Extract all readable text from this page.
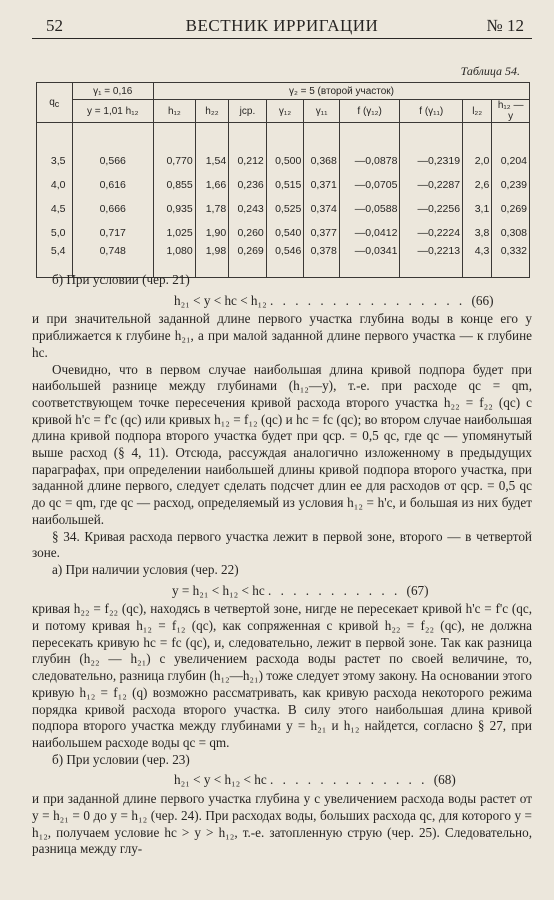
52	ВЕСТНИК ИРРИГАЦИИ	№ 12
Таблица 54.
$q_c$	γ₁ = 0,16	γ₂ = 5 (второй участок)								
	y = 1,01 h₁₂	h₁₂	h₂₂	jср.	γ₁₂	γ₁₁	f (γ₁₂)	f (γ₁₁)	l₂₂	h₁₂ — y
3,5	0,566	0,770	1,54	0,212	0,500	0,368	—0,0878	—0,2319	2,0	0,204
4,0	0,616	0,855	1,66	0,236	0,515	0,371	—0,0705	—0,2287	2,6	0,239
4,5	0,666	0,935	1,78	0,243	0,525	0,374	—0,0588	—0,2256	3,1	0,269
5,0	0,717	1,025	1,90	0,260	0,540	0,377	—0,0412	—0,2224	3,8	0,308
5,4	0,748	1,080	1,98	0,269	0,546	0,378	—0,0341	—0,2213	4,3	0,332

б) При условии (чер. 21)

h₂₁ < y < hc < h₁₂ . . . . . . . . . . . . . . . . (66)

и при значительной заданной длине первого участка глубина воды в конце его у приближается к глубине h₂₁, а при малой заданной длине первого участка — к глубине hc.

Очевидно, что в первом случае наибольшая длина кривой подпора будет при наибольшей разнице между глубинами (h₁₂—у), т.-е. при расходе qc = qm, соответствующем точке пересечения кривой расхода второго участка h₂₂ = f₂₂ (qc) с кривой h'c = f'c (qc) или кривых h₁₂ = f₁₂ (qc) и hc = fc (qc); во втором случае наибольшая длина кривой подпора второго участка будет при qср. = 0,5 qc, где qc — упомянутый выше расход (§ 4, 11). Отсюда, рассуждая аналогично изложенному в предыдущих параграфах, при определении наибольшей длины кривой подпора второго участка, при заданной длине первого, следует сделать подсчет длин ее для расходов от qср. = 0,5 qc до qc = qm, где qc — расход, определяемый из условия h₁₂ = h'c, и большая из них будет наибольшей.

§ 34. Кривая расхода первого участка лежит в первой зоне, второго — в четвертой зоне.

а) При наличии условия (чер. 22)

y = h₂₁ < h₁₂ < hc . . . . . . . . . . . (67)

кривая h₂₂ = f₂₂ (qc), находясь в четвертой зоне, нигде не пересекает кривой h'c = f'c (qc, и потому кривая h₁₂ = f₁₂ (qc), как сопряженная с кривой h₂₂ = f₂₂ (qc), не должна пересекать кривую hc = fc (qc), и, следовательно, лежит в первой зоне. Так как разница глубин (h₂₂ — h₂₁) с увеличением расхода воды растет по своей величине, то, следовательно, разница глубин (h₁₂—h₂₁) тоже следует этому закону. На основании этого кривую h₁₂ = f₁₂ (q) возможно рассматривать, как кривую расхода некоторого режима порядка кривой расхода второго участка. В силу этого наибольшая длина кривой подпора второго участка между глубинами y = h₂₁ и h₁₂ найдется, согласно § 27, при наибольшем расходе воды qc = qm.

б) При условии (чер. 23)

h₂₁ < y < h₁₂ < hc . . . . . . . . . . . . . (68)

и при заданной длине первого участка глубина у с увеличением расхода воды растет от y = h₂₁ = 0 до y = h₁₂ (чер. 24). При расходах воды, больших расхода qc, для которого y = h₁₂, получаем условие hc > y > h₁₂, т.-е. затопленную струю (чер. 25). Следовательно, разница между глу-
